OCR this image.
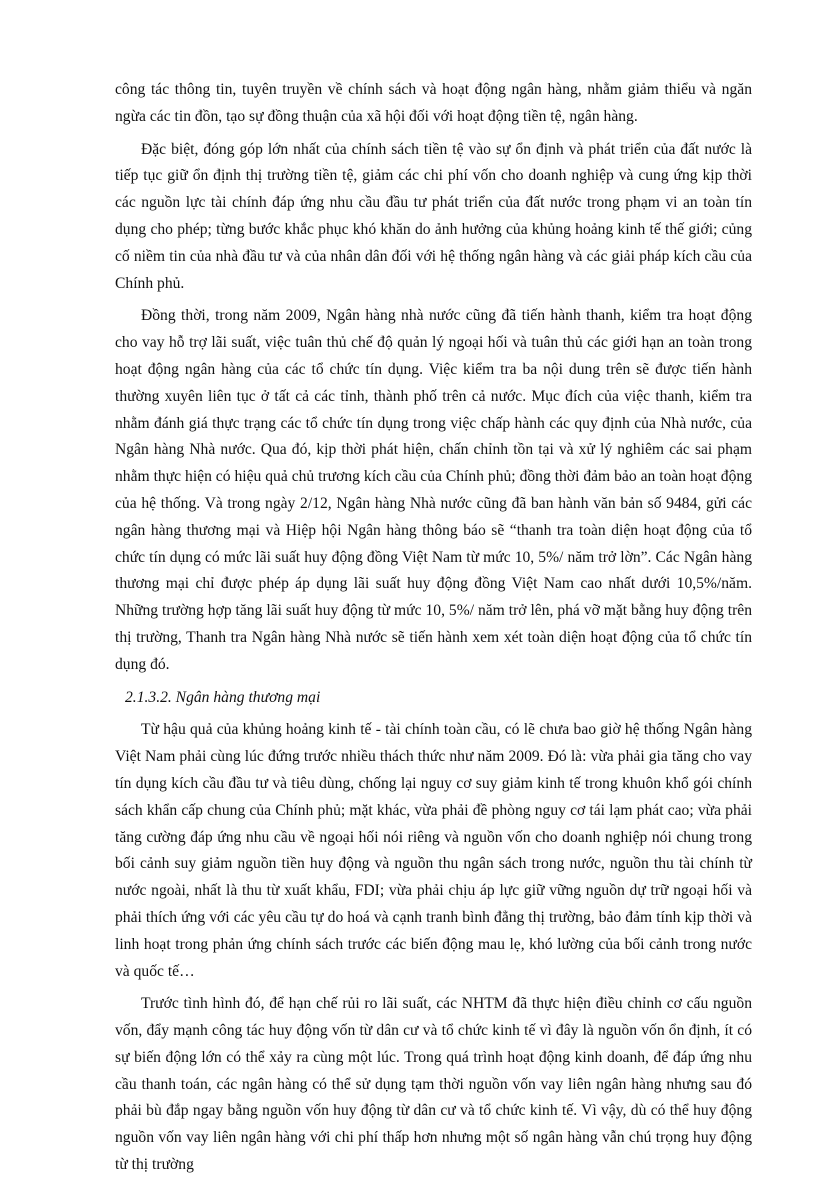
công tác thông tin, tuyên truyền về chính sách và hoạt động ngân hàng, nhằm giảm thiểu và ngăn ngừa các tin đồn, tạo sự đồng thuận của xã hội đối với hoạt động tiền tệ, ngân hàng.

Đặc biệt, đóng góp lớn nhất của chính sách tiền tệ vào sự ổn định và phát triển của đất nước là tiếp tục giữ ổn định thị trường tiền tệ, giảm các chi phí vốn cho doanh nghiệp và cung ứng kịp thời các nguồn lực tài chính đáp ứng nhu cầu đầu tư phát triển của đất nước trong phạm vi an toàn tín dụng cho phép; từng bước khắc phục khó khăn do ảnh hưởng của khủng hoảng kinh tế thế giới; củng cố niềm tin của nhà đầu tư và của nhân dân đối với hệ thống ngân hàng và các giải pháp kích cầu của Chính phủ.

Đồng thời, trong năm 2009, Ngân hàng nhà nước cũng đã tiến hành thanh, kiểm tra hoạt động cho vay hỗ trợ lãi suất, việc tuân thủ chế độ quản lý ngoại hối và tuân thủ các giới hạn an toàn trong hoạt động ngân hàng của các tổ chức tín dụng. Việc kiểm tra ba nội dung trên sẽ được tiến hành thường xuyên liên tục ở tất cả các tỉnh, thành phố trên cả nước. Mục đích của việc thanh, kiểm tra nhằm đánh giá thực trạng các tổ chức tín dụng trong việc chấp hành các quy định của Nhà nước, của Ngân hàng Nhà nước. Qua đó, kịp thời phát hiện, chấn chỉnh tồn tại và xử lý nghiêm các sai phạm nhằm thực hiện có hiệu quả chủ trương kích cầu của Chính phủ; đồng thời đảm bảo an toàn hoạt động của hệ thống. Và trong ngày 2/12, Ngân hàng Nhà nước cũng đã ban hành văn bản số 9484, gửi các ngân hàng thương mại và Hiệp hội Ngân hàng thông báo sẽ “thanh tra toàn diện hoạt động của tổ chức tín dụng có mức lãi suất huy động đồng Việt Nam từ mức 10, 5%/ năm trở lờn”. Các Ngân hàng thương mại chỉ được phép áp dụng lãi suất huy động đồng Việt Nam cao nhất dưới 10,5%/năm. Những trường hợp tăng lãi suất huy động từ mức 10, 5%/ năm trở lên, phá vỡ mặt bằng huy động trên thị trường, Thanh tra Ngân hàng Nhà nước sẽ tiến hành xem xét toàn diện hoạt động của tổ chức tín dụng đó.

2.1.3.2. Ngân hàng thương mại

Từ hậu quả của khủng hoảng kinh tế - tài chính toàn cầu, có lẽ chưa bao giờ hệ thống Ngân hàng Việt Nam phải cùng lúc đứng trước nhiều thách thức như năm 2009. Đó là: vừa phải gia tăng cho vay tín dụng kích cầu đầu tư và tiêu dùng, chống lại nguy cơ suy giảm kinh tế trong khuôn khổ gói chính sách khẩn cấp chung của Chính phủ; mặt khác, vừa phải đề phòng nguy cơ tái lạm phát cao; vừa phải tăng cường đáp ứng nhu cầu về ngoại hối nói riêng và nguồn vốn cho doanh nghiệp nói chung trong bối cảnh suy giảm nguồn tiền huy động và nguồn thu ngân sách trong nước, nguồn thu tài chính từ nước ngoài, nhất là thu từ xuất khẩu, FDI; vừa phải chịu áp lực giữ vững nguồn dự trữ ngoại hối và phải thích ứng với các yêu cầu tự do hoá và cạnh tranh bình đẳng thị trường, bảo đảm tính kịp thời và linh hoạt trong phản ứng chính sách trước các biến động mau lẹ, khó lường của bối cảnh trong nước và quốc tế…

Trước tình hình đó, để hạn chế rủi ro lãi suất, các NHTM đã thực hiện điều chỉnh cơ cấu nguồn vốn, đẩy mạnh công tác huy động vốn từ dân cư và tổ chức kinh tế vì đây là nguồn vốn ổn định, ít có sự biến động lớn có thể xảy ra cùng một lúc. Trong quá trình hoạt động kinh doanh, để đáp ứng nhu cầu thanh toán, các ngân hàng có thể sử dụng tạm thời nguồn vốn vay liên ngân hàng nhưng sau đó phải bù đắp ngay bằng nguồn vốn huy động từ dân cư và tổ chức kinh tế. Vì vậy, dù có thể huy động nguồn vốn vay liên ngân hàng với chi phí thấp hơn nhưng một số ngân hàng vẫn chú trọng huy động từ thị trường
